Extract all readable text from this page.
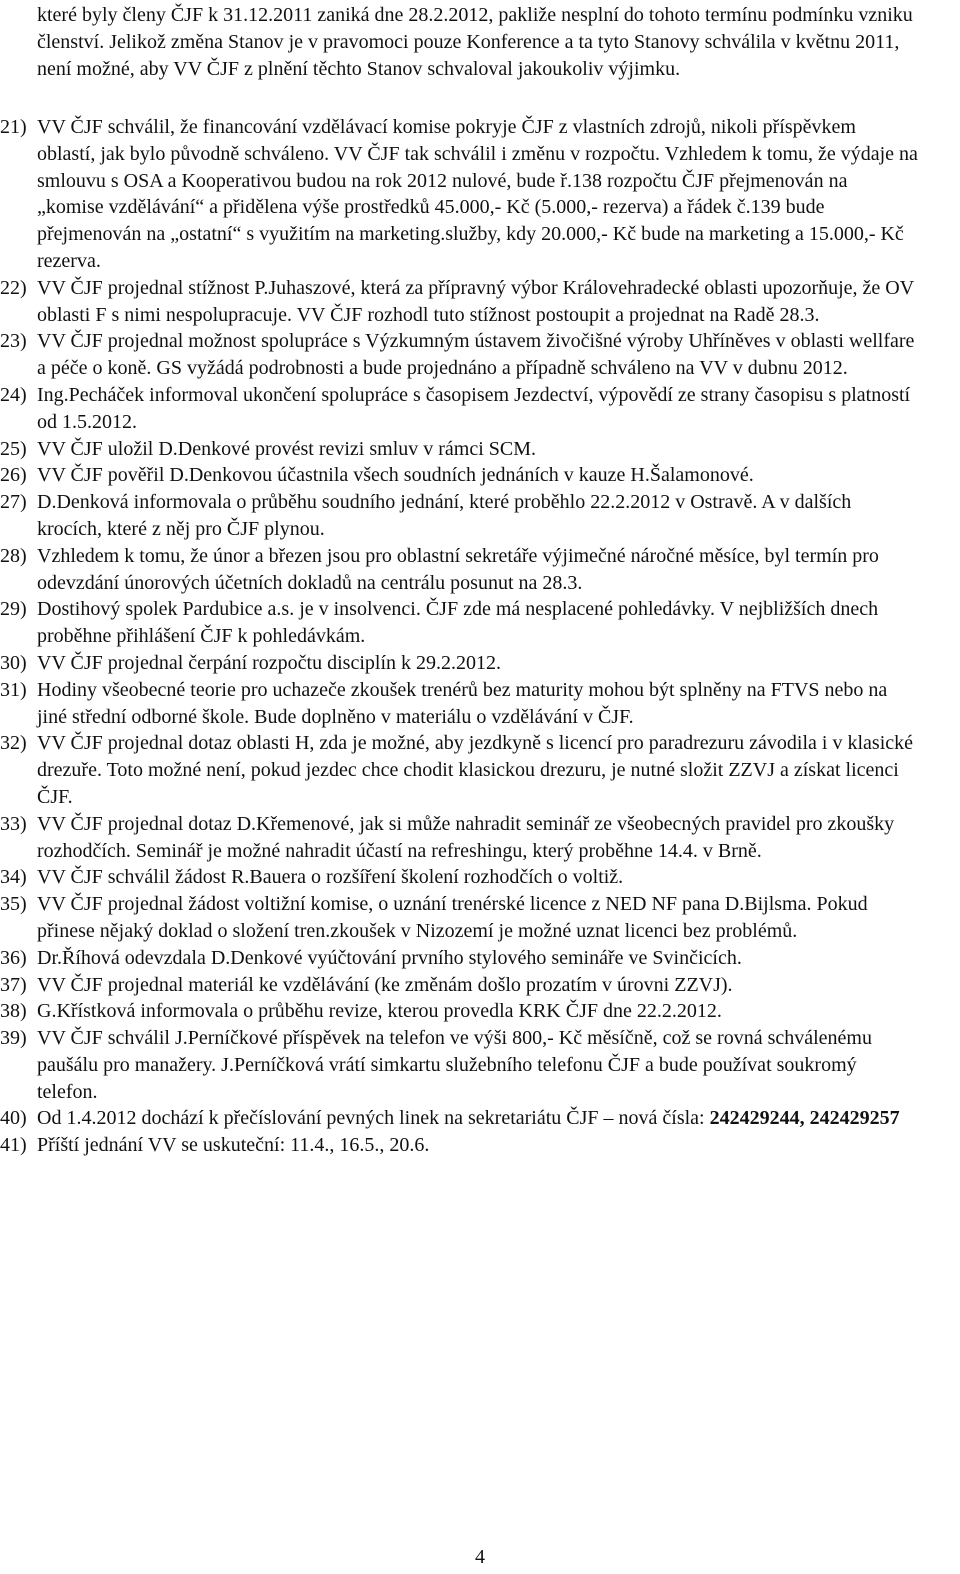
které byly členy ČJF k 31.12.2011 zaniká dne 28.2.2012, pakliže nesplní do tohoto termínu podmínku vzniku členství. Jelikož změna Stanov je v pravomoci pouze Konference a ta tyto Stanovy schválila v květnu 2011, není možné, aby VV ČJF z plnění těchto Stanov schvaloval jakoukoliv výjimku.

21) VV ČJF schválil, že financování vzdělávací komise pokryje ČJF z vlastních zdrojů, nikoli příspěvkem oblastí, jak bylo původně schváleno. VV ČJF tak schválil i změnu v rozpočtu. Vzhledem k tomu, že výdaje na smlouvu s OSA a Kooperativou budou na rok 2012 nulové, bude ř.138 rozpočtu ČJF přejmenován na „komise vzdělávání“ a přidělena výše prostředků 45.000,- Kč (5.000,- rezerva) a řádek č.139 bude přejmenován na „ostatní“ s využitím na marketing.služby, kdy 20.000,- Kč bude na marketing a 15.000,- Kč rezerva.
22) VV ČJF projednal stížnost P.Juhaszové, která za přípravný výbor Královehradecké oblasti upozorňuje, že OV oblasti F s nimi nespolupracuje. VV ČJF rozhodl tuto stížnost postoupit a projednat na Radě 28.3.
23) VV ČJF projednal možnost spolupráce s Výzkumným ústavem živočišné výroby Uhříněves v oblasti wellfare a péče o koně. GS vyžádá podrobnosti a bude projednáno a případně schváleno na VV v dubnu 2012.
24) Ing.Pecháček informoval ukončení spolupráce s časopisem Jezdectví, výpovědí ze strany časopisu s platností od 1.5.2012.
25) VV ČJF uložil D.Denkové provést revizi smluv v rámci SCM.
26) VV ČJF pověřil D.Denkovou účastnila všech soudních jednáních v kauze H.Šalamonové.
27) D.Denková informovala o průběhu soudního jednání, které proběhlo 22.2.2012 v Ostravě. A v dalších krocích, které z něj pro ČJF plynou.
28) Vzhledem k tomu, že únor a březen jsou pro oblastní sekretáře výjimečné náročné měsíce, byl termín pro odevzdání únorových účetních dokladů na centrálu posunut na 28.3.
29) Dostihový spolek Pardubice a.s. je v insolvenci. ČJF zde má nesplacené pohledávky. V nejbližších dnech proběhne přihlášení ČJF k pohledávkám.
30) VV ČJF projednal čerpání rozpočtu disciplín k 29.2.2012.
31) Hodiny všeobecné teorie pro uchazeče zkoušek trenérů bez maturity mohou být splněny na FTVS nebo na jiné střední odborné škole. Bude doplněno v materiálu o vzdělávání v ČJF.
32) VV ČJF projednal dotaz oblasti H, zda je možné, aby jezdkyně s licencí pro paradrezuru závodila i v klasické drezuře. Toto možné není, pokud jezdec chce chodit klasickou drezuru, je nutné složit ZZVJ a získat licenci ČJF.
33) VV ČJF projednal dotaz D.Křemenové, jak si může nahradit seminář ze všeobecných pravidel pro zkoušky rozhodčích. Seminář je možné nahradit účastí na refreshingu, který proběhne 14.4. v Brně.
34) VV ČJF schválil žádost R.Bauera o rozšíření školení rozhodčích o voltiž.
35) VV ČJF projednal žádost voltižní komise, o uznání trenérské licence z NED NF pana D.Bijlsma. Pokud přinese nějaký doklad o složení tren.zkoušek v Nizozemí je možné uznat licenci bez problémů.
36) Dr.Říhová odevzdala D.Denkové vyúčtování prvního stylového semináře ve Svinčicích.
37) VV ČJF projednal materiál ke vzdělávání (ke změnám došlo prozatím v úrovni ZZVJ).
38) G.Křístková informovala o průběhu revize, kterou provedla KRK ČJF dne 22.2.2012.
39) VV ČJF schválil J.Perníčkové příspěvek na telefon ve výši 800,- Kč měsíčně, což se rovná schválenému paušálu pro manažery. J.Perníčková vrátí simkartu služebního telefonu ČJF a bude používat soukromý telefon.
40) Od 1.4.2012 dochází k přečíslování pevných linek na sekretariátu ČJF – nová čísla: 242429244, 242429257
41) Příští jednání VV se uskuteční: 11.4., 16.5., 20.6.
4
